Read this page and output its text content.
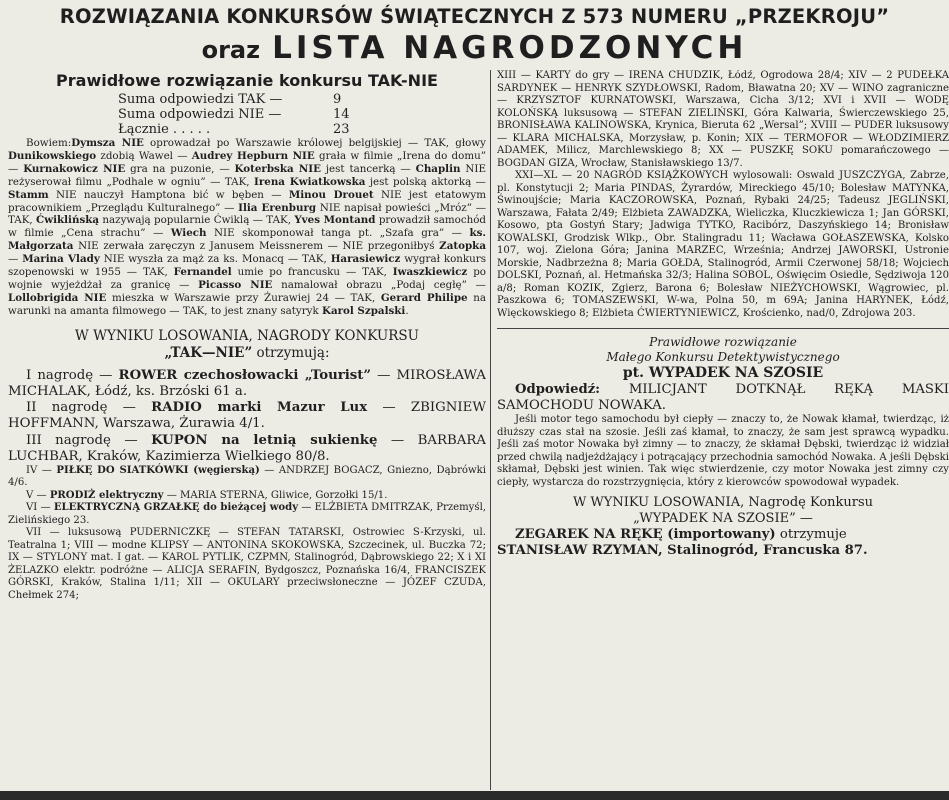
ROZWIĄZANIA KONKURSÓW ŚWIĄTECZNYCH Z 573 NUMERU „PRZEKROJU”
oraz LISTA NAGRODZONYCH
Prawidłowe rozwiązanie konkursu TAK-NIE
Suma odpowiedzi TAK —	9
Suma odpowiedzi NIE —	14
Łącznie . . . . .	23

Bowiem:Dymsza NIE oprowadzał po Warszawie królowej belgijskiej — TAK, głowy Dunikowskiego zdobią Wawel — Audrey Hepburn NIE grała w filmie „Irena do domu” — Kurnakowicz NIE gra na puzonie, — Koterbska NIE jest tancerką — Chaplin NIE reżyserował filmu „Podhale w ogniu” — TAK, Irena Kwiatkowska jest polską aktorką — Stamm NIE nauczył Hamptona bić w bęben — Minou Drouet NIE jest etatowym pracownikiem „Przeglądu Kulturalnego” — Ilia Erenburg NIE napisał powieści „Mróz” — TAK, Ćwiklińską nazywają popularnie Ćwiklą — TAK, Yves Montand prowadził samochód w filmie „Cena strachu” — Wiech NIE skomponował tanga pt. „Szafa gra” — ks. Małgorzata NIE zerwała zaręczyn z Janusem Meissnerem — NIE przegoniłbyś Zatopka — Marina Vlady NIE wyszła za mąż za ks. Monacq — TAK, Harasiewicz wygrał konkurs szopenowski w 1955 — TAK, Fernandel umie po francusku — TAK, Iwaszkiewicz po wojnie wyjeżdżał za granicę — Picasso NIE namalował obrazu „Podaj cegłę” — Lollobrigida NIE mieszka w Warszawie przy Żurawiej 24 — TAK, Gerard Philipe na warunki na amanta filmowego — TAK, to jest znany satyryk Karol Szpalski.

W WYNIKU LOSOWANIA, NAGRODY KONKURSU
„TAK—NIE” otrzymują:

I nagrodę — ROWER czechosłowacki „Tourist” — MIROSŁAWA MICHALAK, Łódź, ks. Brzóski 61 a.

II nagrodę — RADIO marki Mazur Lux — ZBIGNIEW HOFFMANN, Warszawa, Żurawia 4/1.

III nagrodę — KUPON na letnią sukienkę — BARBARA LUCHBAR, Kraków, Kazimierza Wielkiego 80/8.

IV — PIŁKĘ DO SIATKÓWKI (węgierską) — ANDRZEJ BOGACZ, Gniezno, Dąbrówki 4/6.

V — PRODIŻ elektryczny — MARIA STERNA, Gliwice, Gorzołki 15/1.

VI — ELEKTRYCZNĄ GRZAŁKĘ do bieżącej wody — ELŻBIETA DMITRZAK, Przemyśl, Zielińskiego 23.

VII — luksusową PUDERNICZKĘ — STEFAN TATARSKI, Ostrowiec S-Krzyski, ul. Teatralna 1; VIII — modne KLIPSY — ANTONINA SKOKOWSKA, Szczecinek, ul. Buczka 72; IX — STYLONY mat. I gat. — KAROL PYTLIK, CZPMN, Stalinogród, Dąbrowskiego 22; X i XI ŻELAZKO elektr. podróżne — ALICJA SERAFIN, Bydgoszcz, Poznańska 16/4, FRANCISZEK GÓRSKI, Kraków, Stalina 1/11; XII — OKULARY przeciwsłoneczne — JÓZEF CZUDA, Chełmek 274;

XIII — KARTY do gry — IRENA CHUDZIK, Łódź, Ogrodowa 28/4; XIV — 2 PUDEŁKA SARDYNEK — HENRYK SZYDŁOWSKI, Radom, Bławatna 20; XV — WINO zagraniczne — KRZYSZTOF KURNATOWSKI, Warszawa, Cicha 3/12; XVI i XVII — WODĘ KOLOŃSKĄ luksusową — STEFAN ZIELIŃSKI, Góra Kalwaria, Świerczewskiego 25, BRONISŁAWA KALINOWSKA, Krynica, Bieruta 62 „Wersal”; XVIII — PUDER luksusowy — KLARA MICHALSKA, Morzysław, p. Konin; XIX — TERMOFOR — WŁODZIMIERZ ADAMEK, Milicz, Marchlewskiego 8; XX — PUSZKĘ SOKU pomarańczowego — BOGDAN GIZA, Wrocław, Stanisławskiego 13/7.

XXI—XL — 20 NAGRÓD KSIĄŻKOWYCH wylosowali: Oswald JUSZCZYGA, Zabrze, pl. Konstytucji 2; Maria PINDAS, Żyrardów, Mireckiego 45/10; Bolesław MATYNKA, Świnoujście; Maria KACZOROWSKA, Poznań, Rybaki 24/25; Tadeusz JEGLIŃSKI, Warszawa, Fałata 2/49; Elżbieta ZAWADZKA, Wieliczka, Kluczkiewicza 1; Jan GÓRSKI, Kosowo, pta Gostyń Stary; Jadwiga TYTKO, Racibórz, Daszyńskiego 14; Bronisław KOWALSKI, Grodzisk Wlkp., Obr. Stalingradu 11; Wacława GOŁASZEWSKA, Kolsko 107, woj. Zielona Góra; Janina MARZEC, Września; Andrzej JAWORSKI, Ustronie Morskie, Nadbrzeżna 8; Maria GOŁDA, Stalinogród, Armii Czerwonej 58/18; Wojciech DOLSKI, Poznań, al. Hetmańska 32/3; Halina SOBOL, Oświęcim Osiedle, Sędziwoja 120 a/8; Roman KOZIK, Zgierz, Barona 6; Bolesław NIEŻYCHOWSKI, Wągrowiec, pl. Paszkowa 6; TOMASZEWSKI, W-wa, Polna 50, m 69A; Janina HARYNEK, Łódź, Więckowskiego 8; Elżbieta ĆWIERTYNIEWICZ, Krościenko, nad/0, Zdrojowa 203.

Prawidłowe rozwiązanie
Małego Konkursu Detektywistycznego
pt. WYPADEK NA SZOSIE

Odpowiedź: MILICJANT DOTKNĄŁ RĘKĄ MASKI SAMOCHODU NOWAKA.

Jeśli motor tego samochodu był ciepły — znaczy to, że Nowak kłamał, twierdząc, iż dłuższy czas stał na szosie. Jeśli zaś kłamał, to znaczy, że sam jest sprawcą wypadku. Jeśli zaś motor Nowaka był zimny — to znaczy, że skłamał Dębski, twierdząc iż widział przed chwilą nadjeżdżający i potrącający przechodnia samochód Nowaka. A jeśli Dębski skłamał, Dębski jest winien. Tak więc stwierdzenie, czy motor Nowaka jest zimny czy ciepły, wystarcza do rozstrzygnięcia, który z kierowców spowodował wypadek.

W WYNIKU LOSOWANIA, Nagrodę Konkursu
„WYPADEK NA SZOSIE” —

ZEGAREK NA RĘKĘ (importowany) otrzymuje

STANISŁAW RZYMAN, Stalinogród, Francuska 87.
